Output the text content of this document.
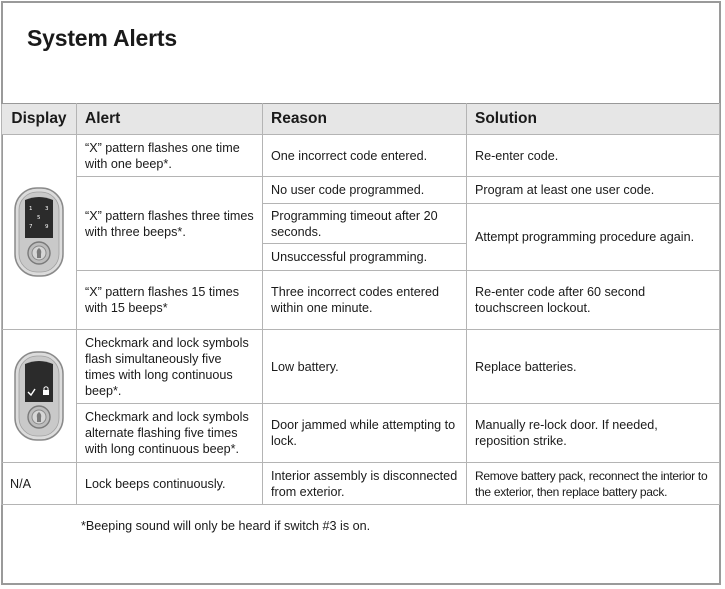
System Alerts
Display	Alert	Reason	Solution

1 3
5
7 9	“X” pattern flashes one time with one beep*.	One incorrect code entered.	Re-enter code.
	“X” pattern flashes three times with three beeps*.	No user code programmed.	Program at least one user code.
		Programming timeout after 20 seconds.	Attempt programming procedure again.
		Unsuccessful programming.	
	“X” pattern flashes 15 times with 15 beeps*	Three incorrect codes entered within one minute.	Re-enter code after 60 second touchscreen lockout.

	Checkmark and lock symbols flash simultaneously five times with long continuous beep*.	Low battery.	Replace batteries.
	Checkmark and lock symbols alternate flashing five times with long continuous beep*.	Door jammed while attempting to lock.	Manually re-lock door. If needed, reposition strike.
N/A	Lock beeps continuously.	Interior assembly is disconnected from exterior.	Remove battery pack, reconnect the interior to the exterior, then replace battery pack.
*Beeping sound will only be heard if switch #3 is on.
